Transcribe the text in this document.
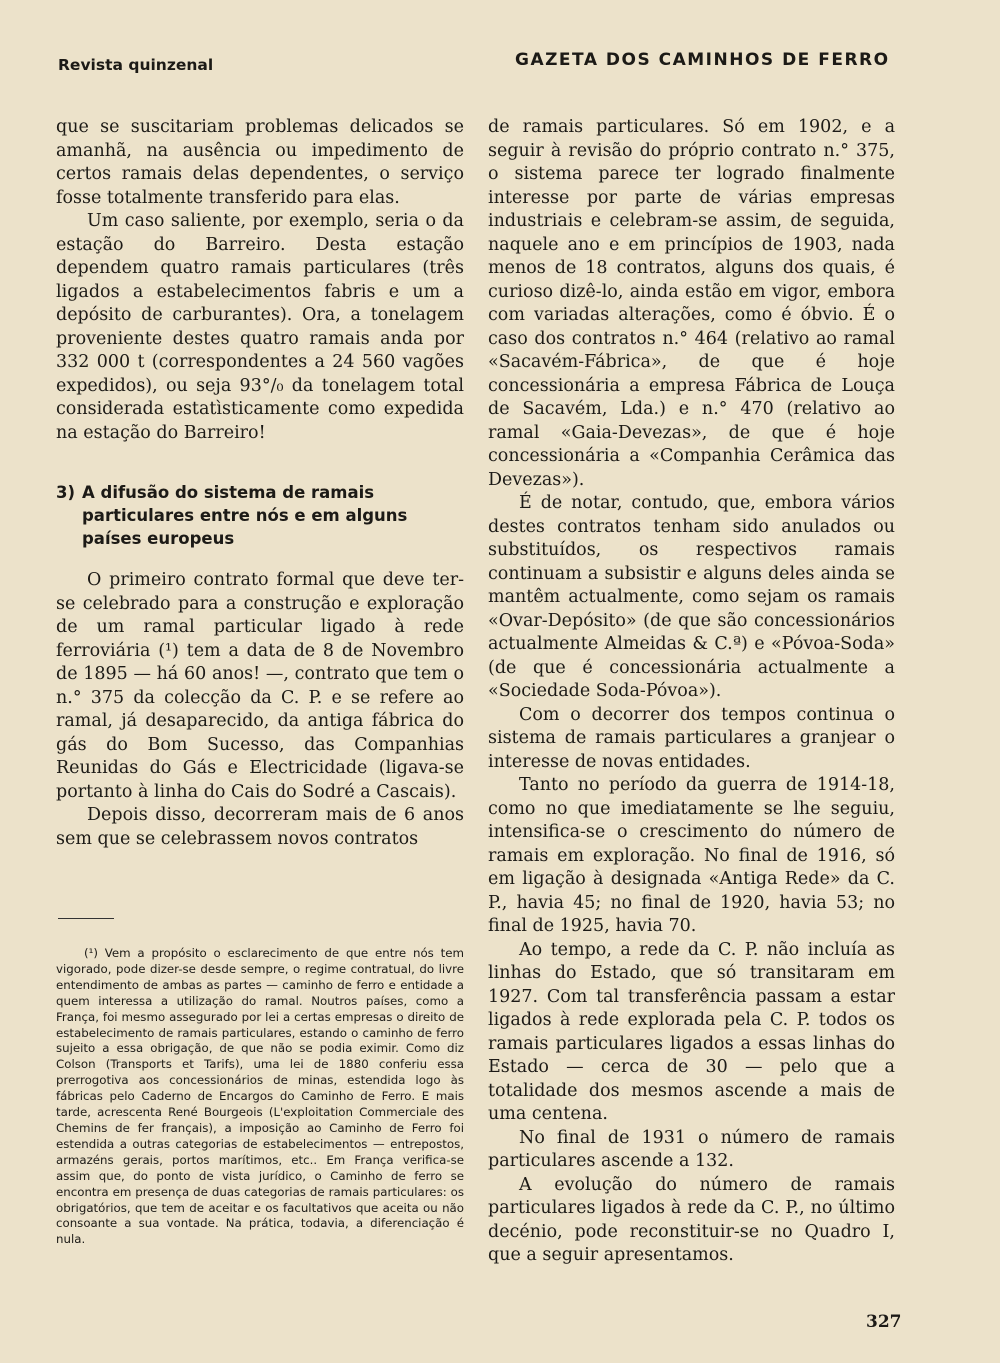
Revista quinzenal	GAZETA DOS CAMINHOS DE FERRO

que se suscitariam problemas delicados se amanhã, na ausência ou impedimento de certos ramais delas dependentes, o serviço fosse totalmente transferido para elas.

Um caso saliente, por exemplo, seria o da estação do Barreiro. Desta estação dependem quatro ramais particulares (três ligados a estabelecimentos fabris e um a depósito de carburantes). Ora, a tonelagem proveniente destes quatro ramais anda por 332 000 t (correspondentes a 24 560 vagões expedidos), ou seja 93°/₀ da tonelagem total considerada estatìsticamente como expedida na estação do Barreiro!

3) A difusão do sistema de ramais particulares entre nós e em alguns países europeus

O primeiro contrato formal que deve ter-se celebrado para a construção e exploração de um ramal particular ligado à rede ferroviária (¹) tem a data de 8 de Novembro de 1895 — há 60 anos! —, contrato que tem o n.° 375 da colecção da C. P. e se refere ao ramal, já desaparecido, da antiga fábrica do gás do Bom Sucesso, das Companhias Reunidas do Gás e Electricidade (ligava-se portanto à linha do Cais do Sodré a Cascais).

Depois disso, decorreram mais de 6 anos sem que se celebrassem novos contratos

(¹) Vem a propósito o esclarecimento de que entre nós tem vigorado, pode dizer-se desde sempre, o regime contratual, do livre entendimento de ambas as partes — caminho de ferro e entidade a quem interessa a utilização do ramal. Noutros países, como a França, foi mesmo assegurado por lei a certas empresas o direito de estabelecimento de ramais particulares, estando o caminho de ferro sujeito a essa obrigação, de que não se podia eximir. Como diz Colson (Transports et Tarifs), uma lei de 1880 conferiu essa prerrogotiva aos concessionários de minas, estendida logo às fábricas pelo Caderno de Encargos do Caminho de Ferro. E mais tarde, acrescenta René Bourgeois (L'exploitation Commerciale des Chemins de fer français), a imposição ao Caminho de Ferro foi estendida a outras categorias de estabelecimentos — entrepostos, armazéns gerais, portos marítimos, etc.. Em França verifica-se assim que, do ponto de vista jurídico, o Caminho de ferro se encontra em presença de duas categorias de ramais particulares: os obrigatórios, que tem de aceitar e os facultativos que aceita ou não consoante a sua vontade. Na prática, todavia, a diferenciação é nula.

de ramais particulares. Só em 1902, e a seguir à revisão do próprio contrato n.° 375, o sistema parece ter logrado finalmente interesse por parte de várias empresas industriais e celebram-se assim, de seguida, naquele ano e em princípios de 1903, nada menos de 18 contratos, alguns dos quais, é curioso dizê-lo, ainda estão em vigor, embora com variadas alterações, como é óbvio. É o caso dos contratos n.° 464 (relativo ao ramal «Sacavém-Fábrica», de que é hoje concessionária a empresa Fábrica de Louça de Sacavém, Lda.) e n.° 470 (relativo ao ramal «Gaia-Devezas», de que é hoje concessionária a «Companhia Cerâmica das Devezas»).

É de notar, contudo, que, embora vários destes contratos tenham sido anulados ou substituídos, os respectivos ramais continuam a subsistir e alguns deles ainda se mantêm actualmente, como sejam os ramais «Ovar-Depósito» (de que são concessionários actualmente Almeidas & C.ª) e «Póvoa-Soda» (de que é concessionária actualmente a «Sociedade Soda-Póvoa»).

Com o decorrer dos tempos continua o sistema de ramais particulares a granjear o interesse de novas entidades.

Tanto no período da guerra de 1914-18, como no que imediatamente se lhe seguiu, intensifica-se o crescimento do número de ramais em exploração. No final de 1916, só em ligação à designada «Antiga Rede» da C. P., havia 45; no final de 1920, havia 53; no final de 1925, havia 70.

Ao tempo, a rede da C. P. não incluía as linhas do Estado, que só transitaram em 1927. Com tal transferência passam a estar ligados à rede explorada pela C. P. todos os ramais particulares ligados a essas linhas do Estado — cerca de 30 — pelo que a totalidade dos mesmos ascende a mais de uma centena.

No final de 1931 o número de ramais particulares ascende a 132.

A evolução do número de ramais particulares ligados à rede da C. P., no último decénio, pode reconstituir-se no Quadro I, que a seguir apresentamos.

327
